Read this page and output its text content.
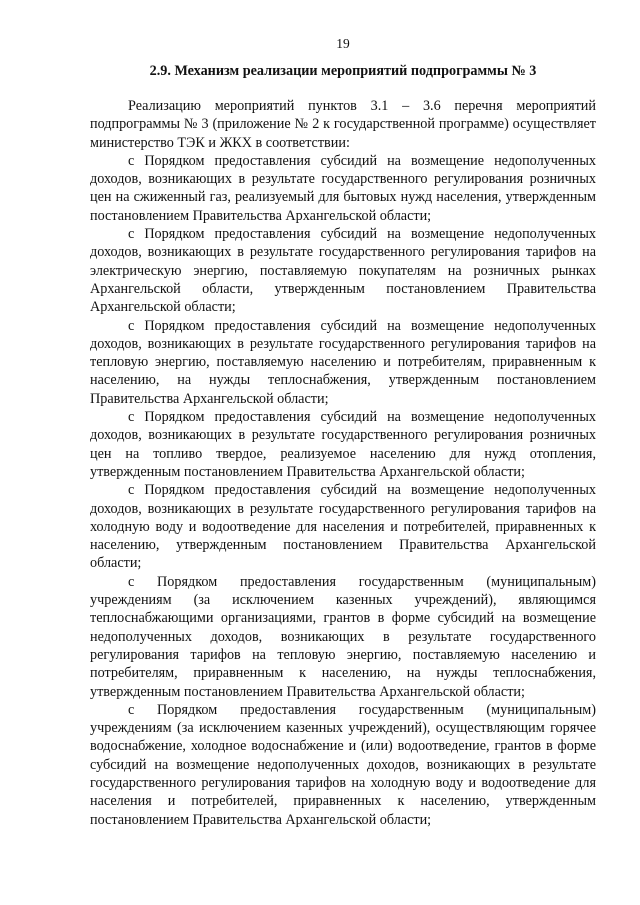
19
2.9. Механизм реализации мероприятий подпрограммы № 3

Реализацию мероприятий пунктов 3.1 – 3.6 перечня мероприятий подпрограммы № 3 (приложение № 2 к государственной программе) осуществляет министерство ТЭК и ЖКХ в соответствии:

с Порядком предоставления субсидий на возмещение недополученных доходов, возникающих в результате государственного регулирования розничных цен на сжиженный газ, реализуемый для бытовых нужд населения, утвержденным постановлением Правительства Архангельской области;

с Порядком предоставления субсидий на возмещение недополученных доходов, возникающих в результате государственного регулирования тарифов на электрическую энергию, поставляемую покупателям на розничных рынках Архангельской области, утвержденным постановлением Правительства Архангельской области;

с Порядком предоставления субсидий на возмещение недополученных доходов, возникающих в результате государственного регулирования тарифов на тепловую энергию, поставляемую населению и потребителям, приравненным к населению, на нужды теплоснабжения, утвержденным постановлением Правительства Архангельской области;

с Порядком предоставления субсидий на возмещение недополученных доходов, возникающих в результате государственного регулирования розничных цен на топливо твердое, реализуемое населению для нужд отопления, утвержденным постановлением Правительства Архангельской области;

с Порядком предоставления субсидий на возмещение недополученных доходов, возникающих в результате государственного регулирования тарифов на холодную воду и водоотведение для населения и потребителей, приравненных к населению, утвержденным постановлением Правительства Архангельской области;

с Порядком предоставления государственным (муниципальным) учреждениям (за исключением казенных учреждений), являющимся теплоснабжающими организациями, грантов в форме субсидий на возмещение недополученных доходов, возникающих в результате государственного регулирования тарифов на тепловую энергию, поставляемую населению и потребителям, приравненным к населению, на нужды теплоснабжения, утвержденным постановлением Правительства Архангельской области;

с Порядком предоставления государственным (муниципальным) учреждениям (за исключением казенных учреждений), осуществляющим горячее водоснабжение, холодное водоснабжение и (или) водоотведение, грантов в форме субсидий на возмещение недополученных доходов, возникающих в результате государственного регулирования тарифов на холодную воду и водоотведение для населения и потребителей, приравненных к населению, утвержденным постановлением Правительства Архангельской области;
